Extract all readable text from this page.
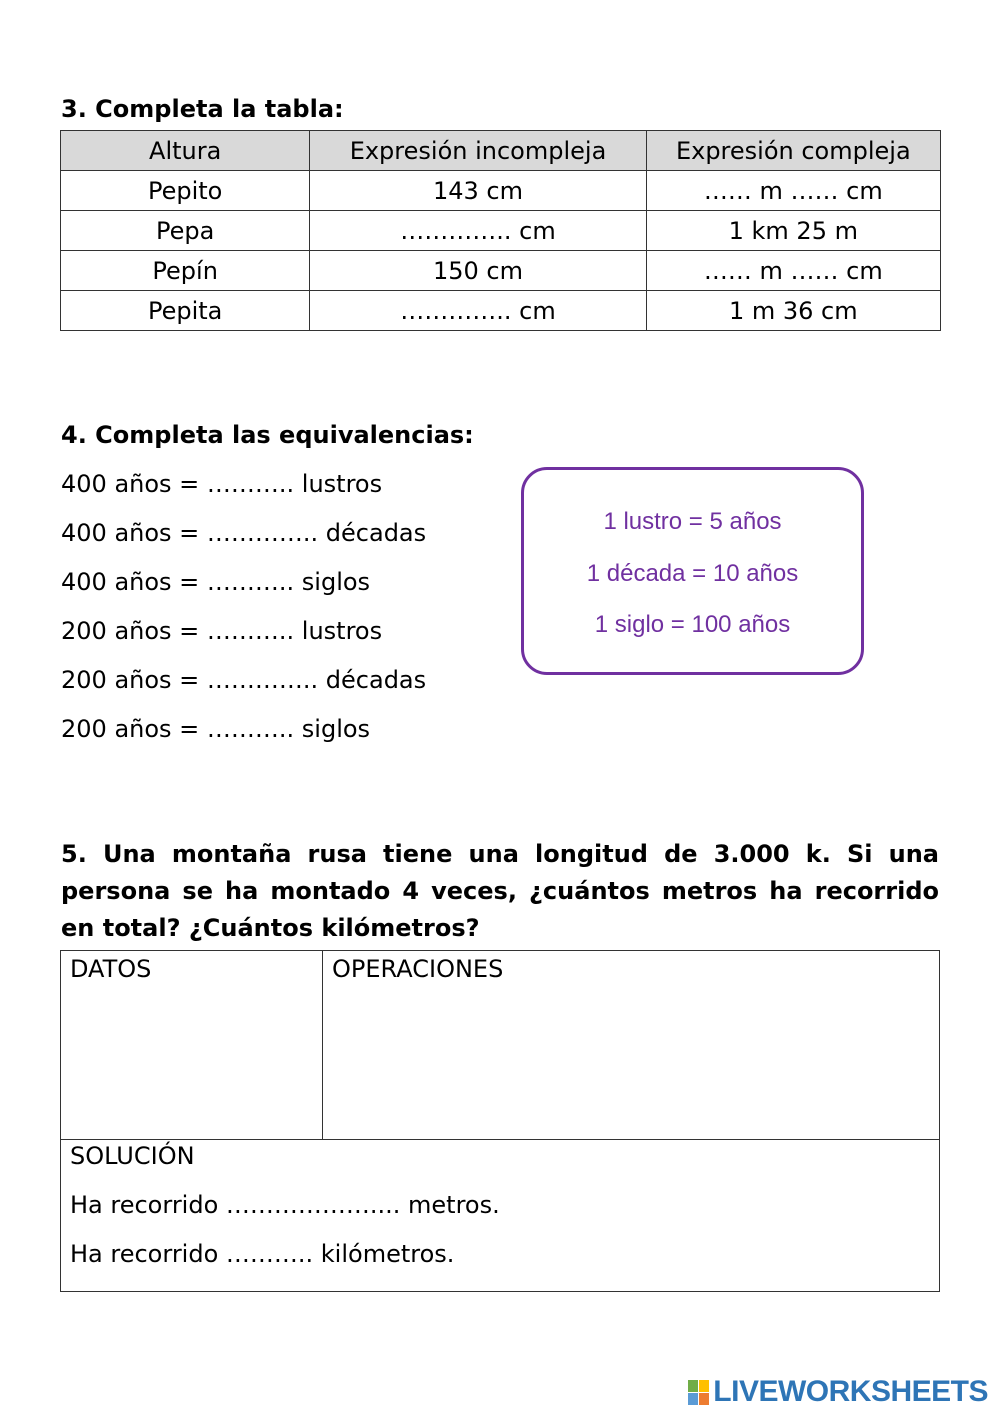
3. Completa la tabla:

Altura	Expresión incompleja	Expresión compleja
Pepito	143 cm	…… m …… cm
Pepa	………….. cm	1 km 25 m
Pepín	150 cm	…… m …… cm
Pepita	………….. cm	1 m 36 cm

4. Completa las equivalencias:

400 años = ……….. lustros

400 años = ………….. décadas

400 años = ……….. siglos

200 años = ……….. lustros

200 años = ………….. décadas

200 años = ……….. siglos

1 lustro = 5 años

1 década = 10 años

1 siglo = 100 años

5. Una montaña rusa tiene una longitud de 3.000 k. Si una persona se ha montado 4 veces, ¿cuántos metros ha recorrido en total? ¿Cuántos kilómetros?

DATOS	OPERACIONES

SOLUCIÓN

Ha recorrido ……………….... metros.

Ha recorrido ……….. kilómetros.

LIVEWORKSHEETS
